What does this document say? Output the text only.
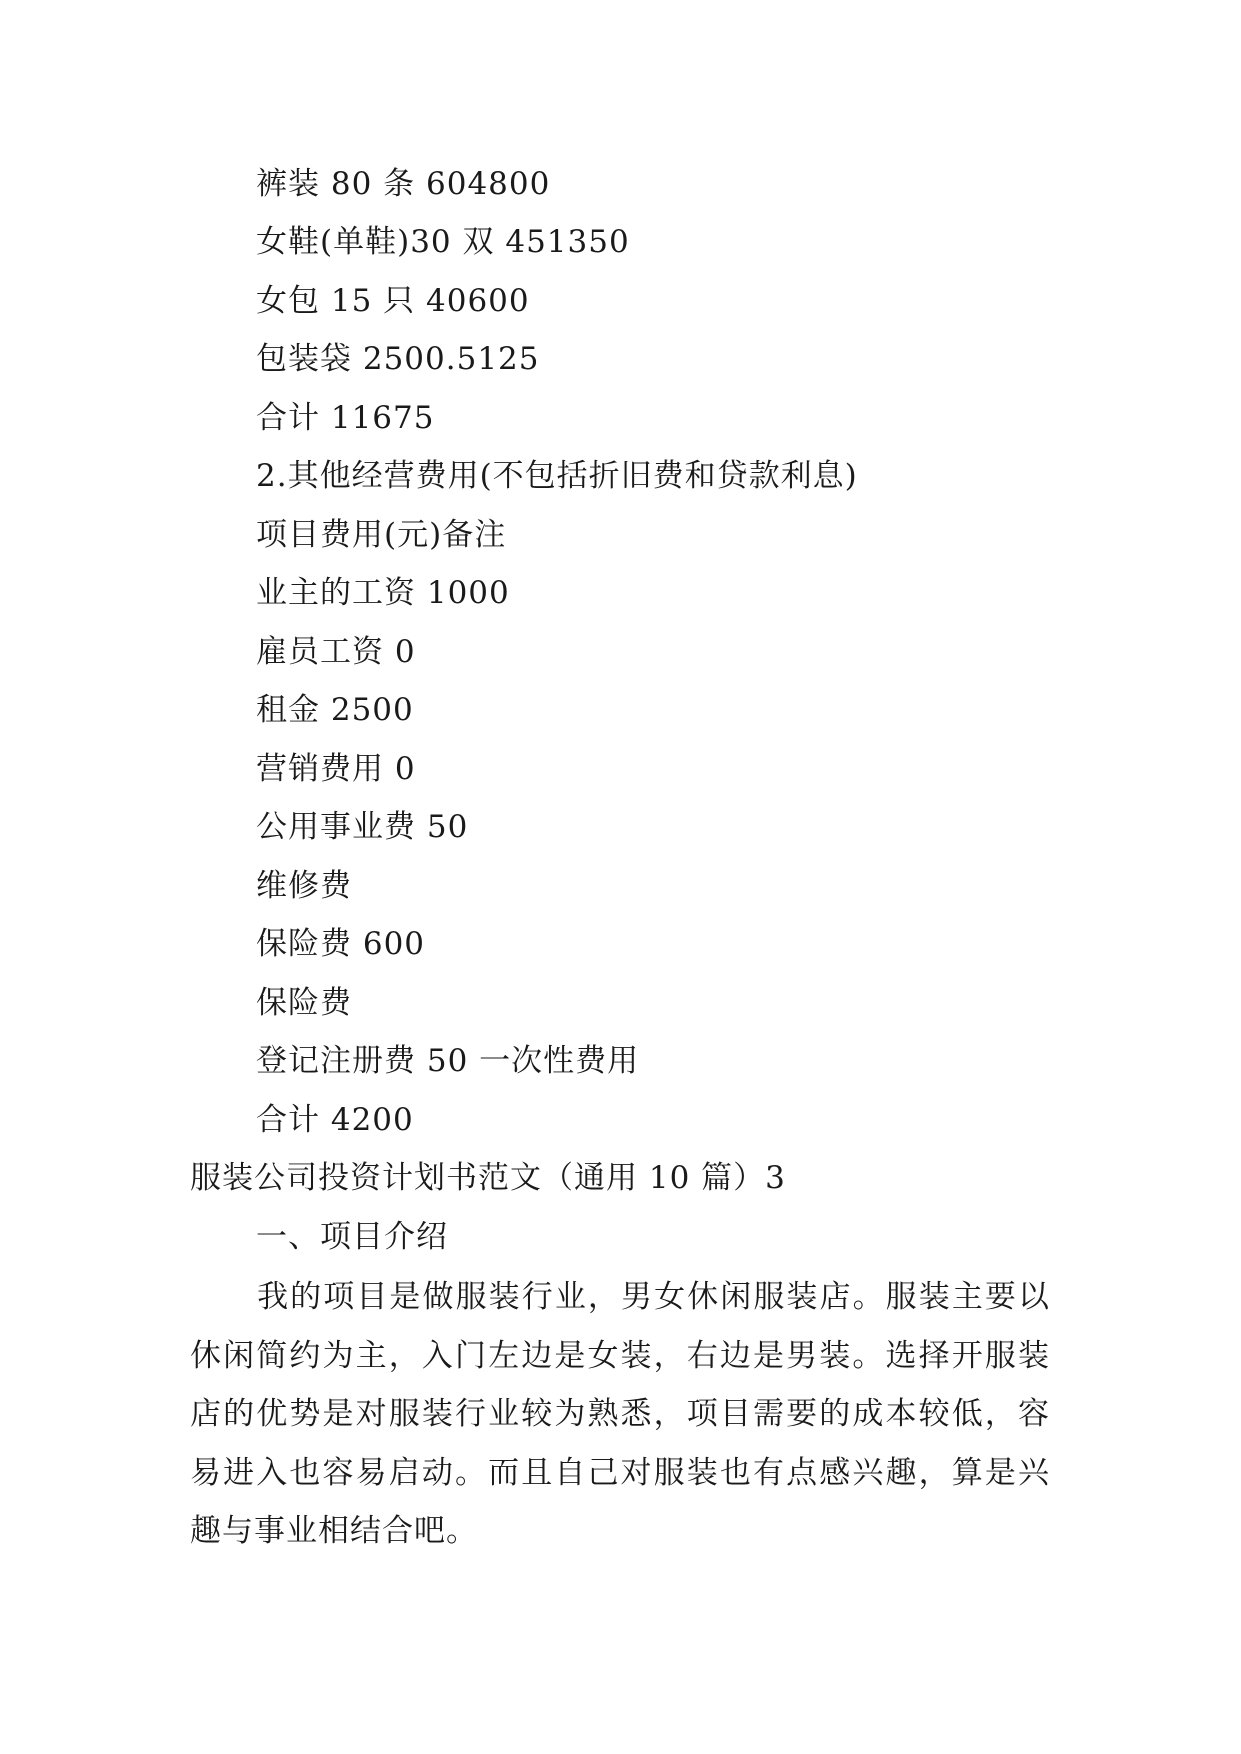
裤装 80 条 604800
女鞋(单鞋)30 双 451350
女包 15 只 40600
包装袋 2500.5125
合计 11675
2.其他经营费用(不包括折旧费和贷款利息)
项目费用(元)备注
业主的工资 1000
雇员工资 0
租金 2500
营销费用 0
公用事业费 50
维修费
保险费 600
保险费
登记注册费 50 一次性费用
合计 4200
服装公司投资计划书范文（通用 10 篇）3
一、项目介绍
我的项目是做服装行业，男女休闲服装店。服装主要以休闲简约为主，入门左边是女装，右边是男装。选择开服装店的优势是对服装行业较为熟悉，项目需要的成本较低，容易进入也容易启动。而且自己对服装也有点感兴趣，算是兴趣与事业相结合吧。
